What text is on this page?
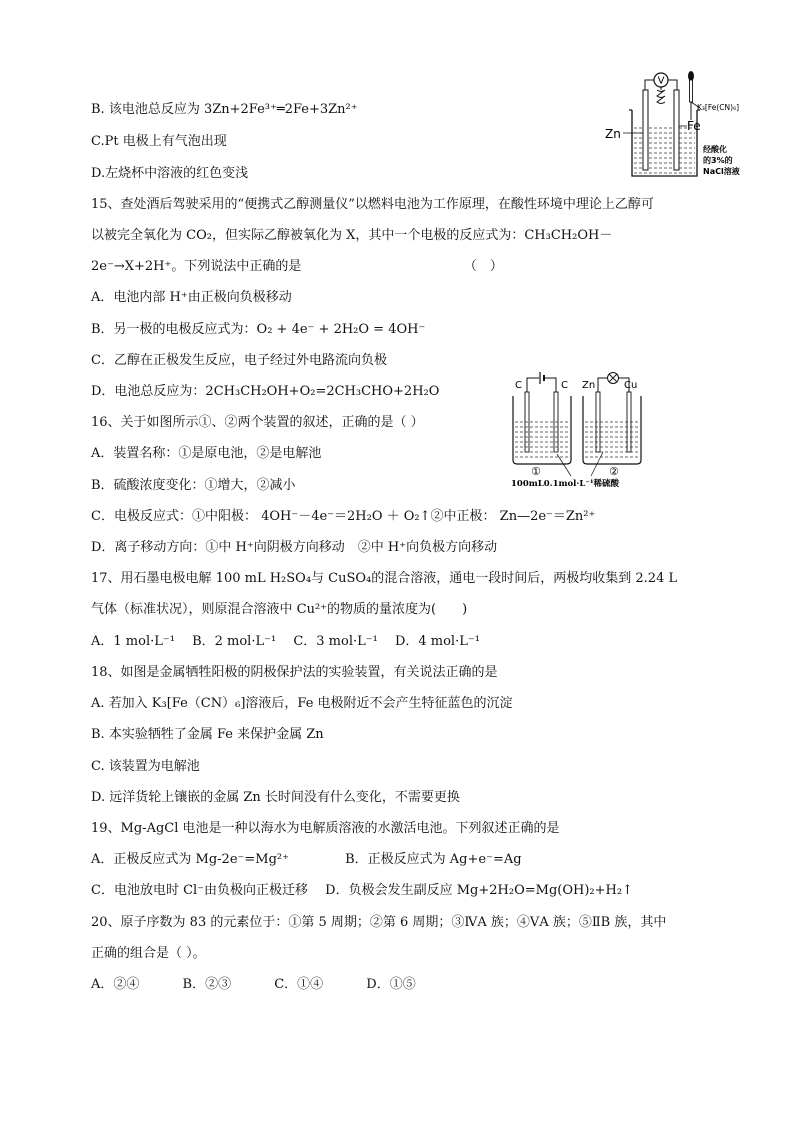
V
K₃[Fe(CN)₆]
Fe
Zn
经酸化
的3%的
NaCl溶液
C	C Zn	Cu
①	②
100mL0.1mol·L⁻¹稀硫酸
B. 该电池总反应为 3Zn+2Fe³⁺═2Fe+3Zn²⁺
C.Pt 电极上有气泡出现
D.左烧杯中溶液的红色变浅
15、查处酒后驾驶采用的“便携式乙醇测量仪”以燃料电池为工作原理，在酸性环境中理论上乙醇可
以被完全氧化为 CO₂，但实际乙醇被氧化为 X，其中一个电极的反应式为：CH₃CH₂OH－
2e⁻→X+2H⁺。下列说法中正确的是　　　　　　　　　　　　　（　）
A．电池内部 H⁺由正极向负极移动
B．另一极的电极反应式为：O₂ + 4e⁻ + 2H₂O = 4OH⁻
C．乙醇在正极发生反应，电子经过外电路流向负极
D．电池总反应为：2CH₃CH₂OH+O₂=2CH₃CHO+2H₂O
16、关于如图所示①、②两个装置的叙述，正确的是（ ）
A．装置名称：①是原电池，②是电解池
B．硫酸浓度变化：①增大，②减小
C．电极反应式：①中阳极： 4OH⁻－4e⁻＝2H₂O ＋ O₂↑②中正极： Zn—2e⁻＝Zn²⁺
D．离子移动方向：①中 H⁺向阴极方向移动　②中 H⁺向负极方向移动
17、用石墨电极电解 100 mL H₂SO₄与 CuSO₄的混合溶液，通电一段时间后，两极均收集到 2.24 L
气体（标准状况），则原混合溶液中 Cu²⁺的物质的量浓度为(　　)
A．1 mol·L⁻¹　 B．2 mol·L⁻¹　 C．3 mol·L⁻¹　 D．4 mol·L⁻¹
18、如图是金属牺牲阳极的阴极保护法的实验装置，有关说法正确的是
A. 若加入 K₃[Fe（CN）₆]溶液后，Fe 电极附近不会产生特征蓝色的沉淀
B. 本实验牺牲了金属 Fe 来保护金属 Zn
C. 该装置为电解池
D. 远洋货轮上镶嵌的金属 Zn 长时间没有什么变化，不需要更换
19、Mg-AgCl 电池是一种以海水为电解质溶液的水激活电池。下列叙述正确的是
A．正极反应式为 Mg-2e⁻=Mg²⁺　　　　 B．正极反应式为 Ag+e⁻=Ag
C．电池放电时 Cl⁻由负极向正极迁移　 D．负极会发生副反应 Mg+2H₂O=Mg(OH)₂+H₂↑
20、原子序数为 83 的元素位于：①第 5 周期；②第 6 周期；③ⅣA 族；④ⅤA 族；⑤ⅡB 族，其中
正确的组合是（ ）。
A．②④　　　 B．②③　　　 C．①④　　　 D．①⑤
